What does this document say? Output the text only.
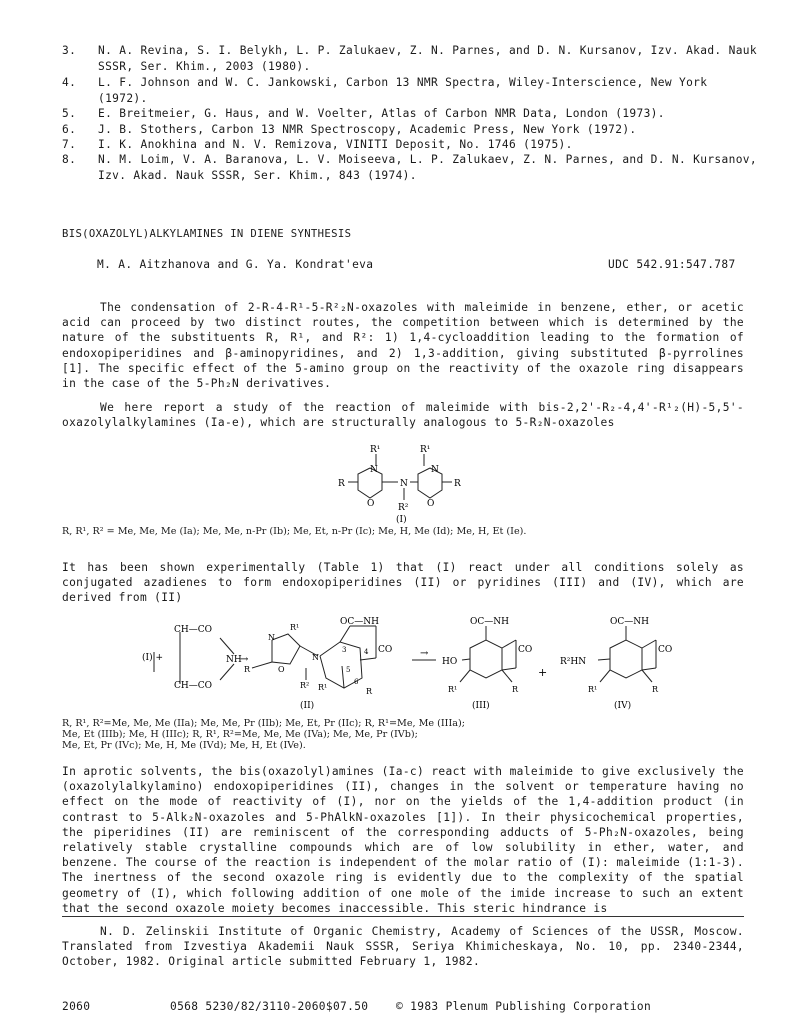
3. N. A. Revina, S. I. Belykh, L. P. Zalukaev, Z. N. Parnes, and D. N. Kursanov, Izv. Akad. Nauk SSSR, Ser. Khim., 2003 (1980).
4. L. F. Johnson and W. C. Jankowski, Carbon 13 NMR Spectra, Wiley-Interscience, New York (1972).
5. E. Breitmeier, G. Haus, and W. Voelter, Atlas of Carbon NMR Data, London (1973).
6. J. B. Stothers, Carbon 13 NMR Spectroscopy, Academic Press, New York (1972).
7. I. K. Anokhina and N. V. Remizova, VINITI Deposit, No. 1746 (1975).
8. N. M. Loim, V. A. Baranova, L. V. Moiseeva, L. P. Zalukaev, Z. N. Parnes, and D. N. Kursanov, Izv. Akad. Nauk SSSR, Ser. Khim., 843 (1974).
BIS(OXAZOLYL)ALKYLAMINES IN DIENE SYNTHESIS
M. A. Aitzhanova and G. Ya. Kondrat'eva	UDC 542.91:547.787
The condensation of 2-R-4-R¹-5-R²₂N-oxazoles with maleimide in benzene, ether, or acetic acid can proceed by two distinct routes, the competition between which is determined by the nature of the substituents R, R¹, and R²: 1) 1,4-cycloaddition leading to the formation of endoxopiperidines and β-aminopyridines, and 2) 1,3-addition, giving substituted β-pyrrolines [1]. The specific effect of the 5-amino group on the reactivity of the oxazole ring disappears in the case of the 5-Ph₂N derivatives.
We here report a study of the reaction of maleimide with bis-2,2'-R₂-4,4'-R¹₂(H)-5,5'-oxazolylalkylamines (Ia-e), which are structurally analogous to 5-R₂N-oxazoles
R¹	R¹
N	N
R	R
N
O	O
R²
(I)
R, R¹, R² = Me, Me, Me (Ia); Me, Me, n-Pr (Ib); Me, Et, n-Pr (Ic); Me, H, Me (Id); Me, H, Et (Ie).
It has been shown experimentally (Table 1) that (I) react under all conditions solely as conjugated azadienes to form endoxopiperidines (II) or pyridines (III) and (IV), which are derived from (II)
CH—CO
(I) +	NH
→
CH—CO
R¹
N
R	O
R²
N
3	4
5
6
OC—NH
CO
R¹	R
(II)
→
OC—NH
HO
CO
R¹	R
(III)
+
OC—NH
R²HN
CO
R¹	R
(IV)
R, R¹, R²=Me, Me, Me (IIa); Me, Me, Pr (IIb); Me, Et, Pr (IIc); R, R¹=Me, Me (IIIa);
Me, Et (IIIb); Me, H (IIIc); R, R¹, R²=Me, Me, Me (IVa); Me, Me, Pr (IVb);
Me, Et, Pr (IVc); Me, H, Me (IVd); Me, H, Et (IVe).
In aprotic solvents, the bis(oxazolyl)amines (Ia-c) react with maleimide to give exclusively the (oxazolylalkylamino) endoxopiperidines (II), changes in the solvent or temperature having no effect on the mode of reactivity of (I), nor on the yields of the 1,4-addition product (in contrast to 5-Alk₂N-oxazoles and 5-PhAlkN-oxazoles [1]). In their physicochemical properties, the piperidines (II) are reminiscent of the corresponding adducts of 5-Ph₂N-oxazoles, being relatively stable crystalline compounds which are of low solubility in ether, water, and benzene. The course of the reaction is independent of the molar ratio of (I): maleimide (1:1-3). The inertness of the second oxazole ring is evidently due to the complexity of the spatial geometry of (I), which following addition of one mole of the imide increase to such an extent that the second oxazole moiety becomes inaccessible. This steric hindrance is
N. D. Zelinskii Institute of Organic Chemistry, Academy of Sciences of the USSR, Moscow. Translated from Izvestiya Akademii Nauk SSSR, Seriya Khimicheskaya, No. 10, pp. 2340-2344, October, 1982. Original article submitted February 1, 1982.
2060	0568 5230/82/3110-2060$07.50 © 1983 Plenum Publishing Corporation
